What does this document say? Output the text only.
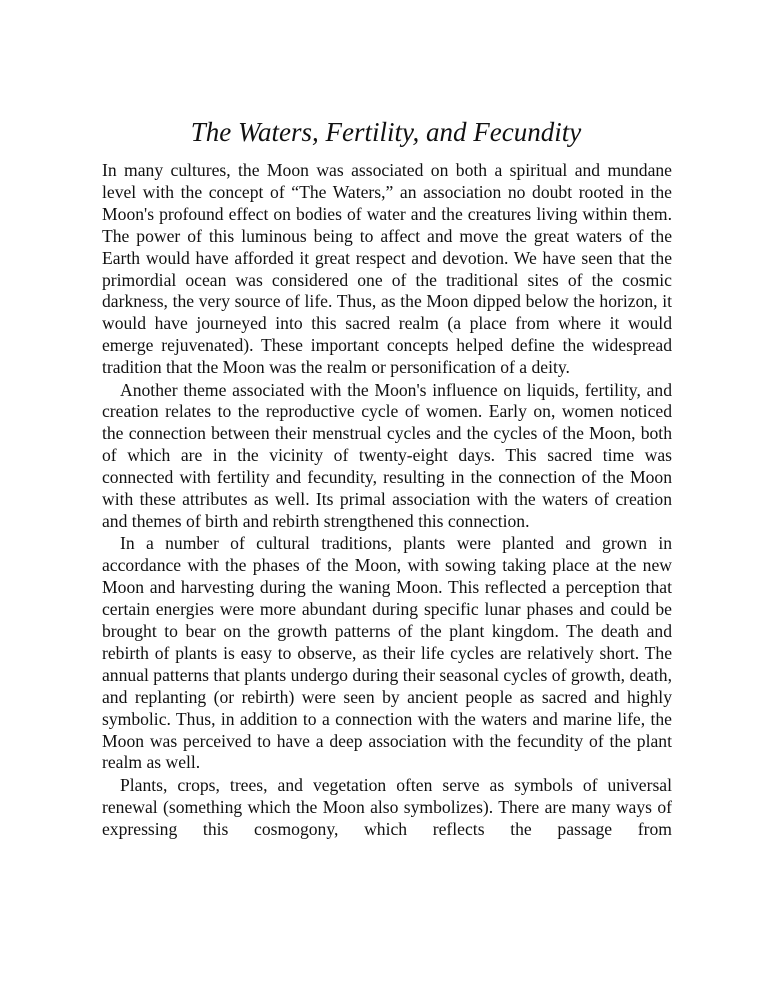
The Waters, Fertility, and Fecundity

In many cultures, the Moon was associated on both a spiritual and mundane level with the concept of “The Waters,” an association no doubt rooted in the Moon's profound effect on bodies of water and the creatures living within them. The power of this luminous being to affect and move the great waters of the Earth would have afforded it great respect and devotion. We have seen that the primordial ocean was considered one of the traditional sites of the cosmic darkness, the very source of life. Thus, as the Moon dipped below the horizon, it would have journeyed into this sacred realm (a place from where it would emerge rejuvenated). These important concepts helped define the widespread tradition that the Moon was the realm or personification of a deity.

Another theme associated with the Moon's influence on liquids, fertility, and creation relates to the reproductive cycle of women. Early on, women noticed the connection between their menstrual cycles and the cycles of the Moon, both of which are in the vicinity of twenty-eight days. This sacred time was connected with fertility and fecundity, resulting in the connection of the Moon with these attributes as well. Its primal association with the waters of creation and themes of birth and rebirth strengthened this connection.

In a number of cultural traditions, plants were planted and grown in accordance with the phases of the Moon, with sowing taking place at the new Moon and harvesting during the waning Moon. This reflected a perception that certain energies were more abundant during specific lunar phases and could be brought to bear on the growth patterns of the plant kingdom. The death and rebirth of plants is easy to observe, as their life cycles are relatively short. The annual patterns that plants undergo during their seasonal cycles of growth, death, and replanting (or rebirth) were seen by ancient people as sacred and highly symbolic. Thus, in addition to a connection with the waters and marine life, the Moon was perceived to have a deep association with the fecundity of the plant realm as well.

Plants, crops, trees, and vegetation often serve as symbols of universal renewal (something which the Moon also symbolizes). There are many ways of expressing this cosmogony, which reflects the passage from
